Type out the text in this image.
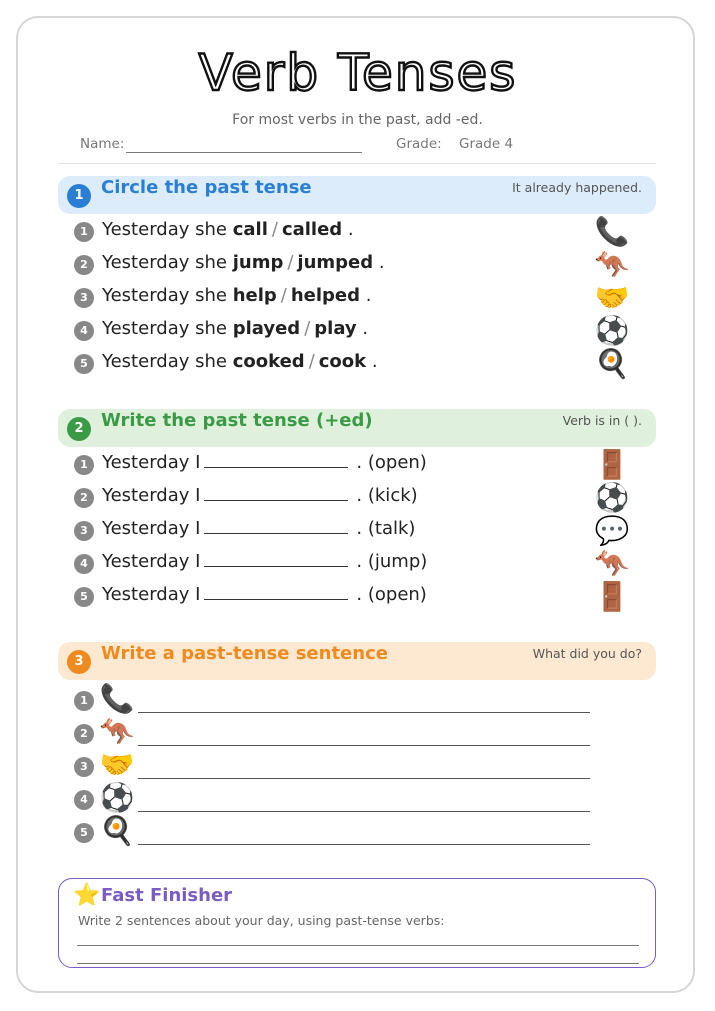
Verb Tenses
For most verbs in the past, add -ed.
Name:	Grade: Grade 4
1 Circle the past tense	It already happened.
1 Yesterday she call / called .	📞
2 Yesterday she jump / jumped .	🦘
3 Yesterday she help / helped .	🤝
4 Yesterday she played / play .	⚽
5 Yesterday she cooked / cook .	🍳
2 Write the past tense (+ed)	Verb is in ( ).
1 Yesterday I	. (open)	🚪
2 Yesterday I	. (kick)	⚽
3 Yesterday I	. (talk)	💬
4 Yesterday I	. (jump)	🦘
5 Yesterday I	. (open)	🚪
3 Write a past-tense sentence	What did you do?
1 📞
2 🦘
3 🤝
4 ⚽
5 🍳
⭐ Fast Finisher
Write 2 sentences about your day, using past-tense verbs:
